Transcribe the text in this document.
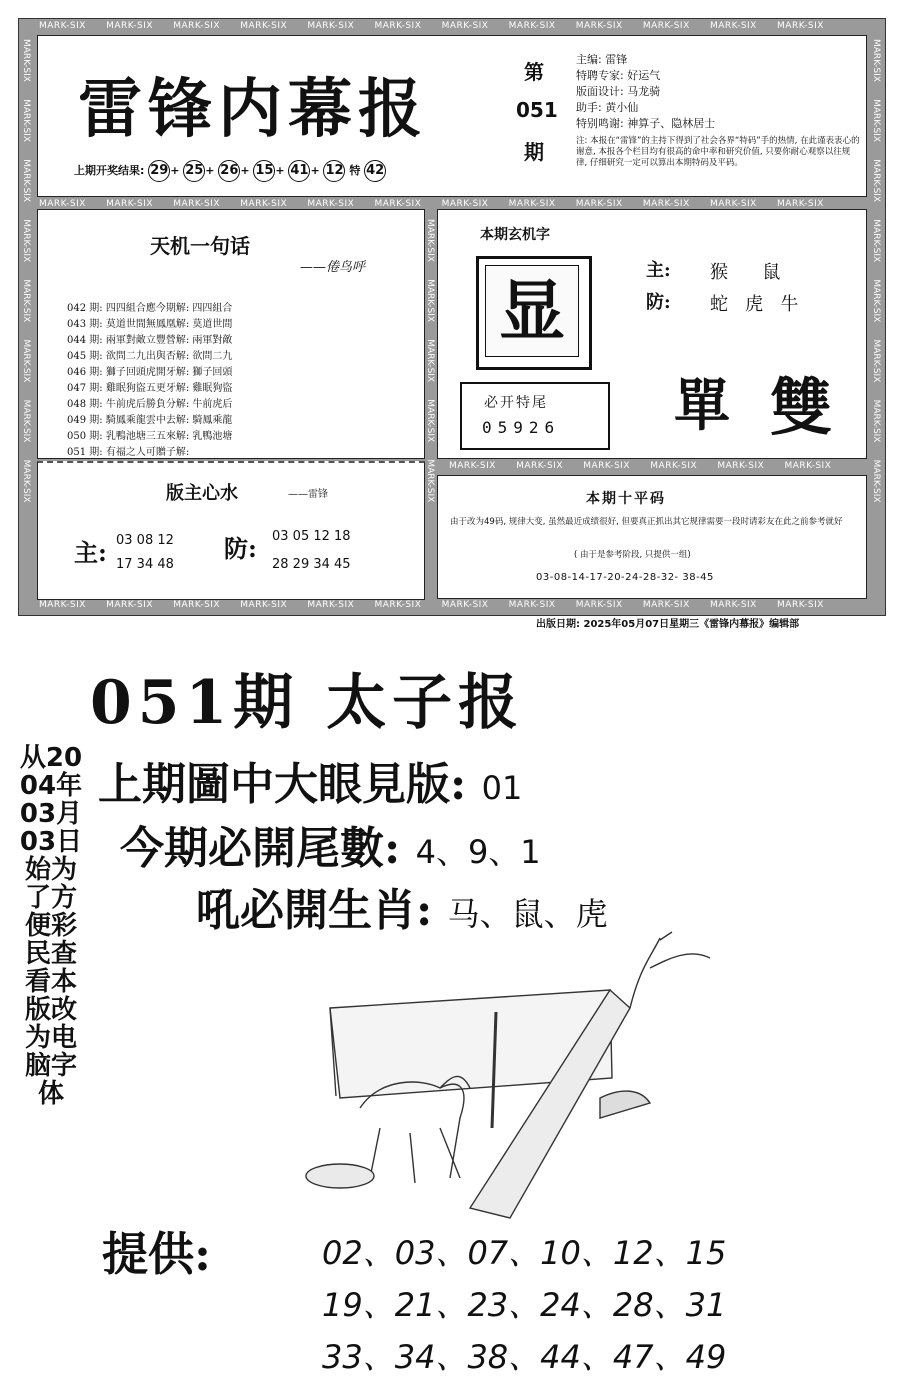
MARK-SIX MARK-SIX MARK-SIX MARK-SIX MARK-SIX MARK-SIX MARK-SIX MARK-SIX MARK-SIX MARK-SIX MARK-SIX MARK-SIX
MARK-SIX MARK-SIX MARK-SIX MARK-SIX MARK-SIX MARK-SIX MARK-SIX MARK-SIX MARK-SIX MARK-SIX MARK-SIX MARK-SIX
MARK-SIX MARK-SIX MARK-SIX MARK-SIX MARK-SIX MARK-SIX MARK-SIX MARK-SIX MARK-SIX MARK-SIX MARK-SIX MARK-SIX
MARK-SIX      MARK-SIX      MARK-SIX      MARK-SIX      MARK-SIX      MARK-SIX      MARK-SIX      MARK-SIX
MARK-SIX      MARK-SIX      MARK-SIX      MARK-SIX      MARK-SIX      MARK-SIX      MARK-SIX      MARK-SIX
MARK-SIX      MARK-SIX      MARK-SIX      MARK-SIX      MARK-SIX MARK-SIX MARK-SIX MARK-SIX MARK-SIX MARK-SIX MARK-SIX
雷锋内幕报	第
051
期
上期开奖结果: 29 + 25 + 26 + 15 + 41 + 12 特 42
主编: 雷锋
特聘专家: 好运气
版面设计: 马龙骑
助手: 黄小仙
特别鸣谢: 神算子、隐林居士
注: 本报在“雷锋”的主持下得到了社会各界“特码”手的热情, 在此谨表衷心的谢意, 本报各个栏目均有很高的命中率和研究价值, 只要你耐心观察以往规律, 仔细研究一定可以算出本期特码及平码。
天机一句话
——倦鸟呼
042 期: 四四組合應今期解: 四四組合
043 期: 莫道世間無鳳凰解: 莫道世間
044 期: 兩軍對敵立豐營解: 兩軍對敵
045 期: 欲問二九出與否解: 欲問二九
046 期: 獅子回頭虎開牙解: 獅子回頭
047 期: 雞眠狗盜五更牙解: 雞眠狗盜
048 期: 牛前虎后勝負分解: 牛前虎后
049 期: 騎鳳乘龍雲中去解: 騎鳳乘龍
050 期: 乳鴨池塘三五來解: 乳鴨池塘
051 期: 有福之人可贈子解:
版主心水	——雷锋
主: 03 08 12
17 34 48
防: 03 05 12 18
28 29 34 45
本期玄机字
显
主: 猴      鼠
防: 蛇   虎   牛
必开特尾
05926 單 雙
本期十平码
由于改为49码, 规律大变, 虽然最近成绩很好, 但要真正抓出其它规律需要一段时请彩友在此之前参考就好
( 由于是参考阶段, 只提供一组)
03-08-14-17-20-24-28-32- 38-45
出版日期: 2025年05月07日星期三《雷锋内幕报》编辑部
051期 太子报
从2004年03月03日始为了方便彩民查看本版改为电脑字体
上期圖中大眼見版: 01
今期必開尾數: 4、9、1
吼必開生肖: 马、鼠、虎
提供:	02、03、07、10、12、15
19、21、23、24、28、31
33、34、38、44、47、49
